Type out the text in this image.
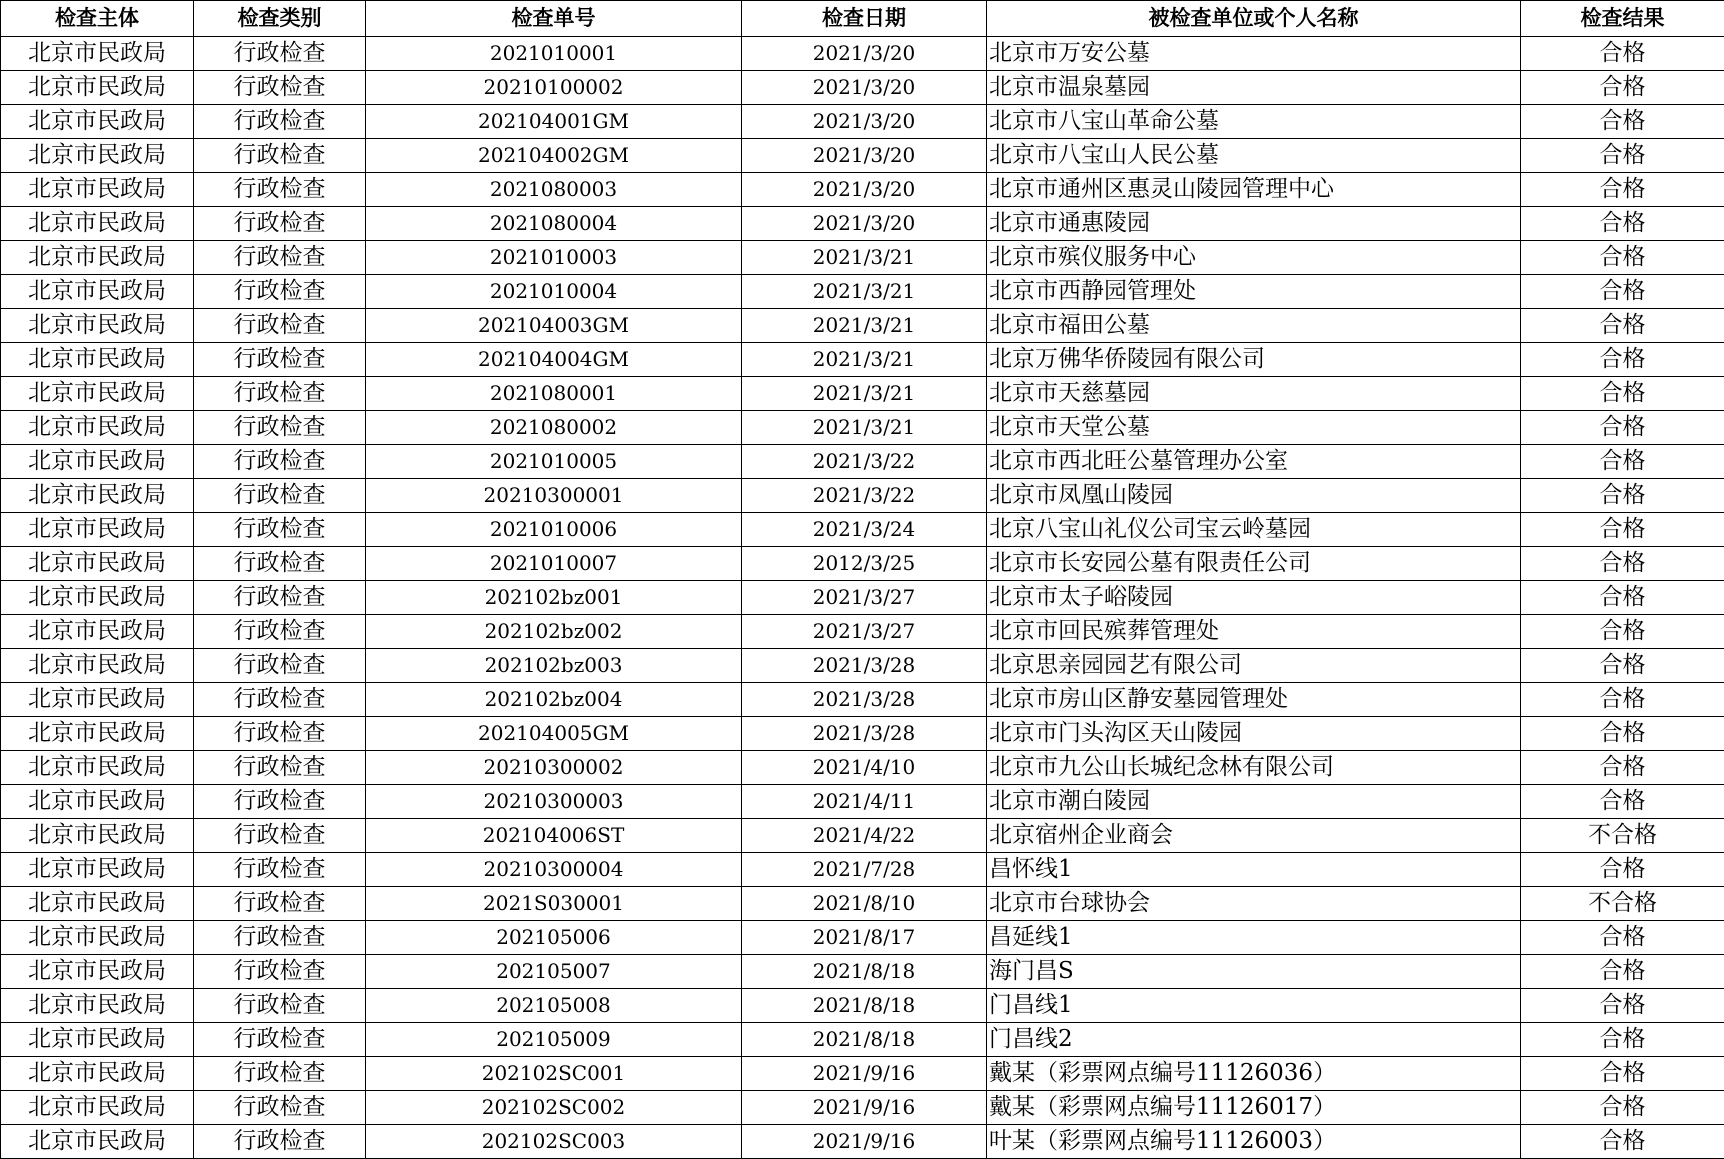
检查主体	检查类别	检查单号	检查日期	被检查单位或个人名称	检查结果
北京市民政局	行政检查	2021010001	2021/3/20	北京市万安公墓	合格
北京市民政局	行政检查	20210100002	2021/3/20	北京市温泉墓园	合格
北京市民政局	行政检查	202104001GM	2021/3/20	北京市八宝山革命公墓	合格
北京市民政局	行政检查	202104002GM	2021/3/20	北京市八宝山人民公墓	合格
北京市民政局	行政检查	2021080003	2021/3/20	北京市通州区惠灵山陵园管理中心	合格
北京市民政局	行政检查	2021080004	2021/3/20	北京市通惠陵园	合格
北京市民政局	行政检查	2021010003	2021/3/21	北京市殡仪服务中心	合格
北京市民政局	行政检查	2021010004	2021/3/21	北京市西静园管理处	合格
北京市民政局	行政检查	202104003GM	2021/3/21	北京市福田公墓	合格
北京市民政局	行政检查	202104004GM	2021/3/21	北京万佛华侨陵园有限公司	合格
北京市民政局	行政检查	2021080001	2021/3/21	北京市天慈墓园	合格
北京市民政局	行政检查	2021080002	2021/3/21	北京市天堂公墓	合格
北京市民政局	行政检查	2021010005	2021/3/22	北京市西北旺公墓管理办公室	合格
北京市民政局	行政检查	20210300001	2021/3/22	北京市凤凰山陵园	合格
北京市民政局	行政检查	2021010006	2021/3/24	北京八宝山礼仪公司宝云岭墓园	合格
北京市民政局	行政检查	2021010007	2012/3/25	北京市长安园公墓有限责任公司	合格
北京市民政局	行政检查	202102bz001	2021/3/27	北京市太子峪陵园	合格
北京市民政局	行政检查	202102bz002	2021/3/27	北京市回民殡葬管理处	合格
北京市民政局	行政检查	202102bz003	2021/3/28	北京思亲园园艺有限公司	合格
北京市民政局	行政检查	202102bz004	2021/3/28	北京市房山区静安墓园管理处	合格
北京市民政局	行政检查	202104005GM	2021/3/28	北京市门头沟区天山陵园	合格
北京市民政局	行政检查	20210300002	2021/4/10	北京市九公山长城纪念林有限公司	合格
北京市民政局	行政检查	20210300003	2021/4/11	北京市潮白陵园	合格
北京市民政局	行政检查	202104006ST	2021/4/22	北京宿州企业商会	不合格
北京市民政局	行政检查	20210300004	2021/7/28	昌怀线1	合格
北京市民政局	行政检查	2021S030001	2021/8/10	北京市台球协会	不合格
北京市民政局	行政检查	202105006	2021/8/17	昌延线1	合格
北京市民政局	行政检查	202105007	2021/8/18	海门昌S	合格
北京市民政局	行政检查	202105008	2021/8/18	门昌线1	合格
北京市民政局	行政检查	202105009	2021/8/18	门昌线2	合格
北京市民政局	行政检查	202102SC001	2021/9/16	戴某（彩票网点编号11126036）	合格
北京市民政局	行政检查	202102SC002	2021/9/16	戴某（彩票网点编号11126017）	合格
北京市民政局	行政检查	202102SC003	2021/9/16	叶某（彩票网点编号11126003）	合格
